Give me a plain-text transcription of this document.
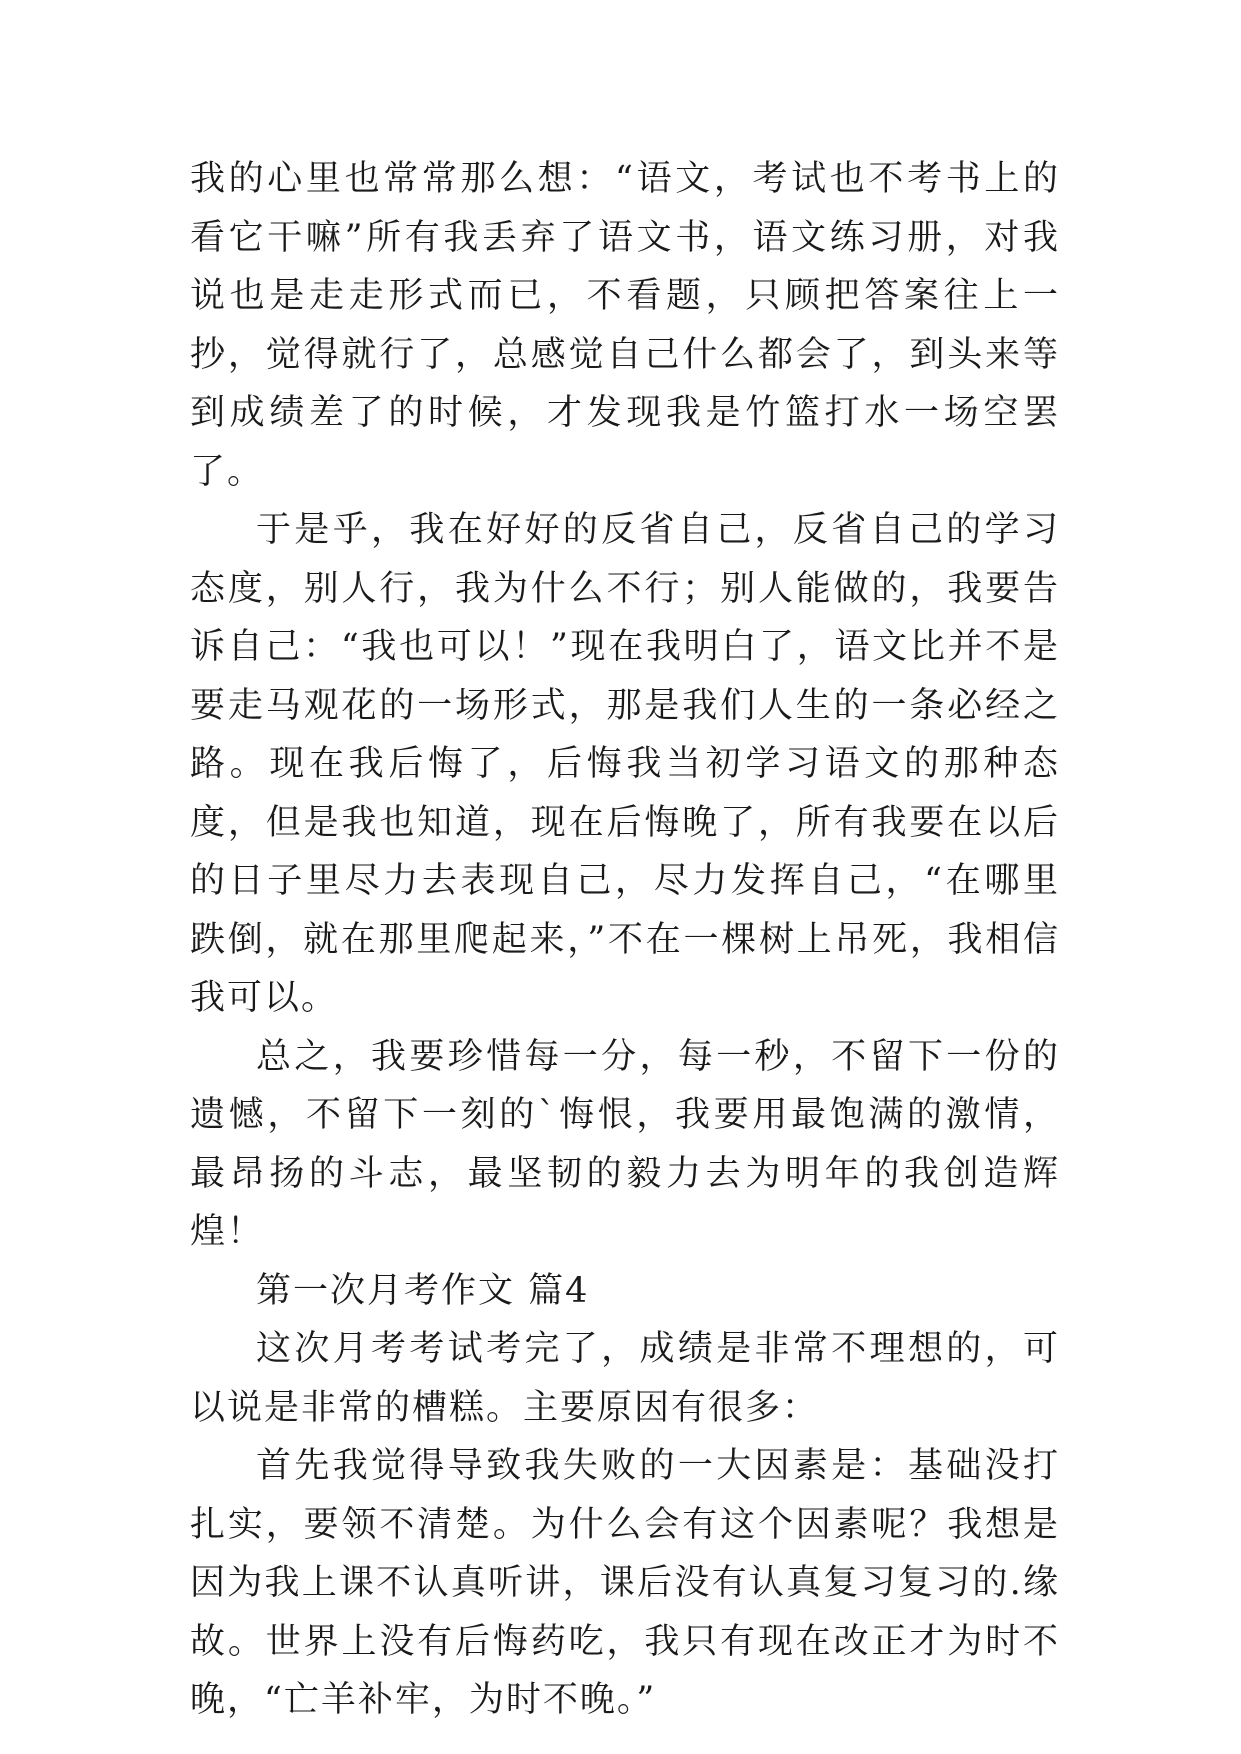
我的心里也常常那么想：“语文，考试也不考书上的看它干嘛”所有我丢弃了语文书，语文练习册，对我说也是走走形式而已，不看题，只顾把答案往上一抄，觉得就行了，总感觉自己什么都会了，到头来等到成绩差了的时候，才发现我是竹篮打水一场空罢了。

于是乎，我在好好的反省自己，反省自己的学习态度，别人行，我为什么不行；别人能做的，我要告诉自己：“我也可以！”现在我明白了，语文比并不是要走马观花的一场形式，那是我们人生的一条必经之路。现在我后悔了，后悔我当初学习语文的那种态度，但是我也知道，现在后悔晚了，所有我要在以后的日子里尽力去表现自己，尽力发挥自己，“在哪里跌倒，就在那里爬起来，”不在一棵树上吊死，我相信我可以。

总之，我要珍惜每一分，每一秒，不留下一份的遗憾，不留下一刻的`悔恨，我要用最饱满的激情，最昂扬的斗志，最坚韧的毅力去为明年的我创造辉煌！

第一次月考作文 篇4

这次月考考试考完了，成绩是非常不理想的，可以说是非常的槽糕。主要原因有很多：

首先我觉得导致我失败的一大因素是：基础没打扎实，要领不清楚。为什么会有这个因素呢？我想是因为我上课不认真听讲，课后没有认真复习复习的.缘故。世界上没有后悔药吃，我只有现在改正才为时不晚，“亡羊补牢，为时不晚。”
